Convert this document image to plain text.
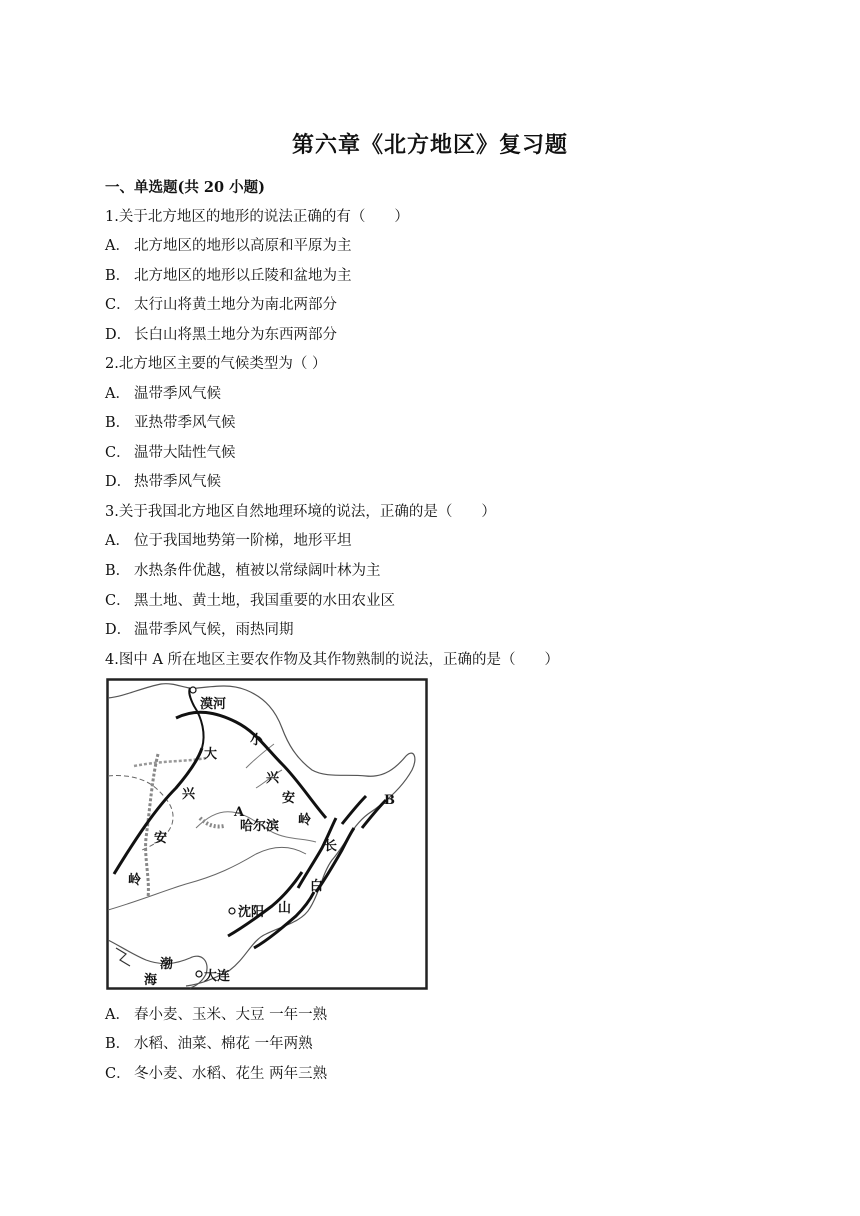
第六章《北方地区》复习题
一、单选题(共 20 小题)
1.关于北方地区的地形的说法正确的有（　　）
A． 北方地区的地形以高原和平原为主
B． 北方地区的地形以丘陵和盆地为主
C． 太行山将黄土地分为南北两部分
D． 长白山将黑土地分为东西两部分
2.北方地区主要的气候类型为（ ）
A． 温带季风气候
B． 亚热带季风气候
C． 温带大陆性气候
D． 热带季风气候
3.关于我国北方地区自然地理环境的说法，正确的是（　　）
A． 位于我国地势第一阶梯，地形平坦
B． 水热条件优越，植被以常绿阔叶林为主
C． 黑土地、黄土地，我国重要的水田农业区
D． 温带季风气候，雨热同期
4.图中 A 所在地区主要农作物及其作物熟制的说法，正确的是（　　）
漠河
大
兴
安
岭
小
兴
安
岭
A
哈尔滨
B
长
白
山
沈阳
渤
海	大连
A． 春小麦、玉米、大豆 一年一熟
B． 水稻、油菜、棉花 一年两熟
C． 冬小麦、水稻、花生 两年三熟
